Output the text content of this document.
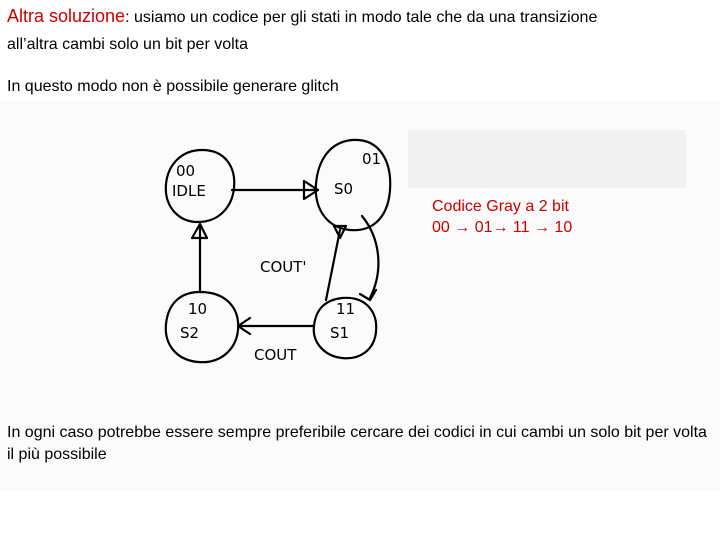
Altra soluzione: usiamo un codice per gli stati in modo tale che da una transizione
all’altra cambi solo un bit per volta
In questo modo non è possibile generare glitch
00
IDLE
01
S0
11
S1
10
S2
COUT'
COUT
Codice Gray a 2 bit
00 → 01→ 11 → 10
In ogni caso potrebbe essere sempre preferibile cercare dei codici in cui cambi un solo bit per volta il più possibile
